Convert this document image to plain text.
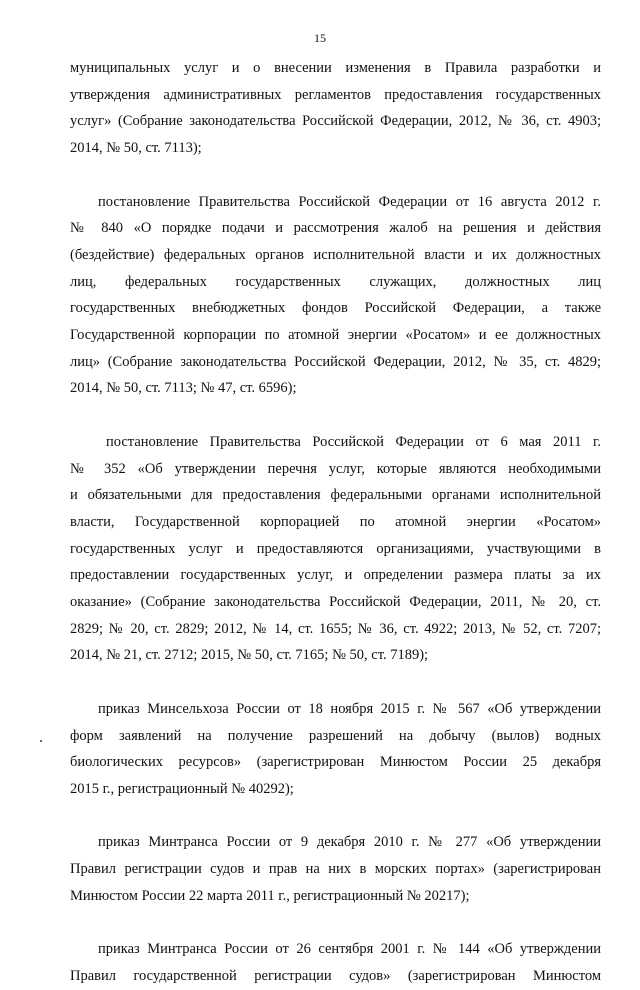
15
муниципальных услуг и о внесении изменения в Правила разработки и
утверждения административных регламентов предоставления государственных
услуг» (Собрание законодательства Российской Федерации, 2012, № 36, ст. 4903;
2014, № 50, ст. 7113);
постановление Правительства Российской Федерации от 16 августа 2012 г.
№ 840 «О порядке подачи и рассмотрения жалоб на решения и действия
(бездействие) федеральных органов исполнительной власти и их должностных
лиц, федеральных государственных служащих, должностных лиц
государственных внебюджетных фондов Российской Федерации, а также
Государственной корпорации по атомной энергии «Росатом» и ее должностных
лиц» (Собрание законодательства Российской Федерации, 2012, № 35, ст. 4829;
2014, № 50, ст. 7113; № 47, ст. 6596);
постановление Правительства Российской Федерации от 6 мая 2011 г.
№ 352 «Об утверждении перечня услуг, которые являются необходимыми
и обязательными для предоставления федеральными органами исполнительной
власти, Государственной корпорацией по атомной энергии «Росатом»
государственных услуг и предоставляются организациями, участвующими в
предоставлении государственных услуг, и определении размера платы за их
оказание» (Собрание законодательства Российской Федерации, 2011, № 20, ст.
2829; № 20, ст. 2829; 2012, № 14, ст. 1655; № 36, ст. 4922; 2013, № 52, ст. 7207;
2014, № 21, ст. 2712; 2015, № 50, ст. 7165; № 50, ст. 7189);
приказ Минсельхоза России от 18 ноября 2015 г. № 567 «Об утверждении
форм заявлений на получение разрешений на добычу (вылов) водных
биологических ресурсов» (зарегистрирован Минюстом России 25 декабря
2015 г., регистрационный № 40292);
приказ Минтранса России от 9 декабря 2010 г. № 277 «Об утверждении
Правил регистрации судов и прав на них в морских портах» (зарегистрирован
Минюстом России 22 марта 2011 г., регистрационный № 20217);
приказ Минтранса России от 26 сентября 2001 г. № 144 «Об утверждении
Правил государственной регистрации судов» (зарегистрирован Минюстом
